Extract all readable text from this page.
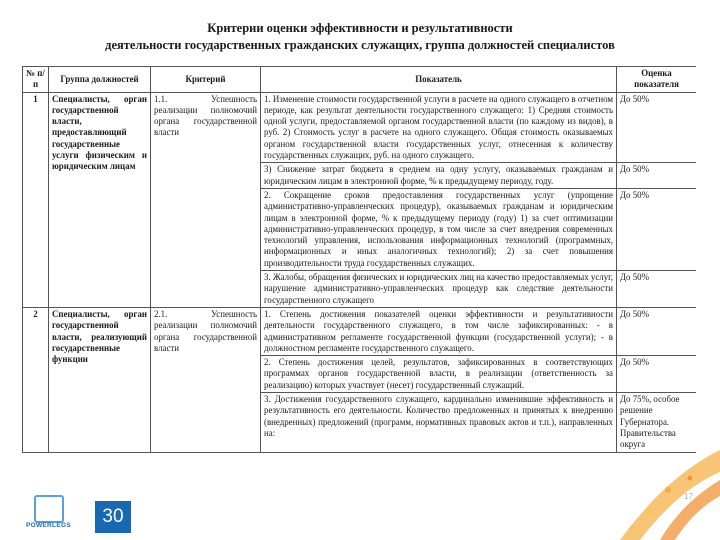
Критерии оценки эффективности и результативности
деятельности государственных гражданских служащих, группа должностей специалистов
№ п/п	Группа должностей	Критерий	Показатель	Оценка показателя
1	Специалисты, орган государственной власти, предоставляющий государственные услуги физическим и юридическим лицам	1.1. Успешность реализации полномочий органа государственной власти	1. Изменение стоимости государственной услуги в расчете на одного служащего в отчетном периоде, как результат деятельности государственного служащего: 1) Средняя стоимость одной услуги, предоставляемой органом государственной власти (по каждому из видов), в руб. 2) Стоимость услуг в расчете на одного служащего. Общая стоимость оказываемых органом государственной власти государственных услуг, отнесенная к количеству государственных служащих, руб. на одного служащего.	До 50%
			3) Снижение затрат бюджета в среднем на одну услугу, оказываемых гражданам и юридическим лицам в электронной форме, % к предыдущему периоду, году.	До 50%
			2. Сокращение сроков предоставления государственных услуг (упрощение административно-управленческих процедур), оказываемых гражданам и юридическим лицам в электронной форме, % к предыдущему периоду (году) 1) за счет оптимизации административно-управленческих процедур, в том числе за счет внедрения современных технологий управления, использования информационных технологий (программных, информационных и иных аналогичных технологий); 2) за счет повышения производительности труда государственных служащих.	До 50%
			3. Жалобы, обращения физических и юридических лиц на качество предоставляемых услуг, нарушение административно-управленческих процедур как следствие деятельности государственного служащего	До 50%
2	Специалисты, орган государственной власти, реализующий государственные функции	2.1. Успешность реализации полномочий органа государственной власти	1. Степень достижения показателей оценки эффективности и результативности деятельности государственного служащего, в том числе зафиксированных: - в административном регламенте государственной функции (государственной услуги); - в должностном регламенте государственного служащего.	До 50%
			2. Степень достижения целей, результатов, зафиксированных в соответствующих программах органов государственной власти, в реализации (ответственность за реализацию) которых участвует (несет) государственный служащий.	До 50%
			3. Достижения государственного служащего, кардинально изменившие эффективность и результативность его деятельности. Количество предложенных и принятых к внедрению (внедренных) предложений (программ, нормативных правовых актов и т.п.), направленных на:	До 75%, особое решение Губернатора. Правительства округа
POWERLEGS	30
17
